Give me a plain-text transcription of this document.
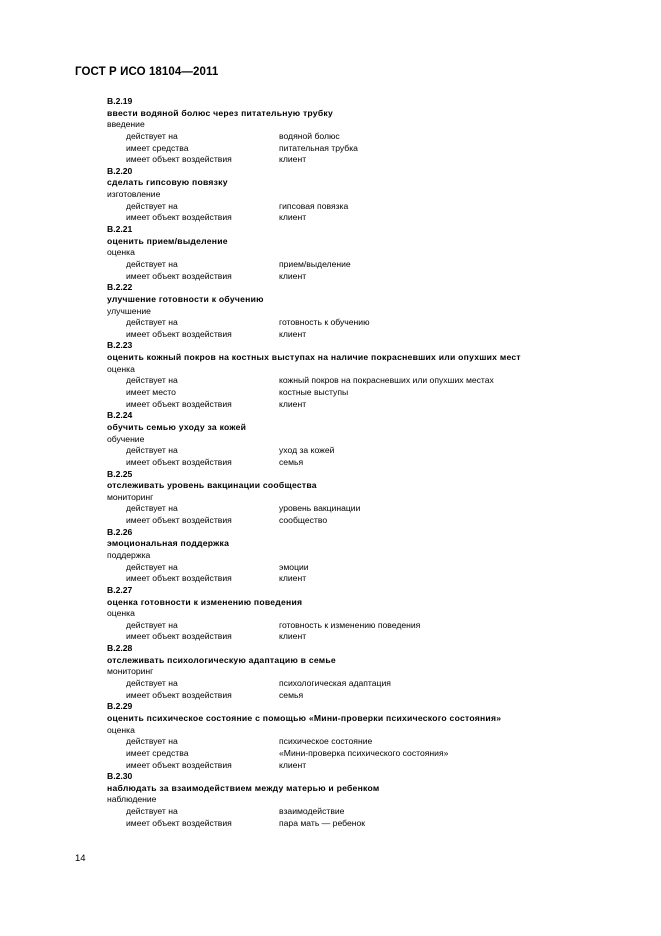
ГОСТ Р ИСО 18104—2011
B.2.19
ввести водяной болюс через питательную трубку
введение
действует на	водяной болюс
имеет средства	питательная трубка
имеет объект воздействия	клиент
B.2.20
сделать гипсовую повязку
изготовление
действует на	гипсовая повязка
имеет объект воздействия	клиент
B.2.21
оценить прием/выделение
оценка
действует на	прием/выделение
имеет объект воздействия	клиент
B.2.22
улучшение готовности к обучению
улучшение
действует на	готовность к обучению
имеет объект воздействия	клиент
B.2.23
оценить кожный покров на костных выступах на наличие покрасневших или опухших мест
оценка
действует на	кожный покров на покрасневших или опухших местах
имеет место	костные выступы
имеет объект воздействия	клиент
B.2.24
обучить семью уходу за кожей
обучение
действует на	уход за кожей
имеет объект воздействия	семья
B.2.25
отслеживать уровень вакцинации сообщества
мониторинг
действует на	уровень вакцинации
имеет объект воздействия	сообщество
B.2.26
эмоциональная поддержка
поддержка
действует на	эмоции
имеет объект воздействия	клиент
B.2.27
оценка готовности к изменению поведения
оценка
действует на	готовность к изменению поведения
имеет объект воздействия	клиент
B.2.28
отслеживать психологическую адаптацию в семье
мониторинг
действует на	психологическая адаптация
имеет объект воздействия	семья
B.2.29
оценить психическое состояние с помощью «Мини-проверки психического состояния»
оценка
действует на	психическое состояние
имеет средства	«Мини-проверка психического состояния»
имеет объект воздействия	клиент
B.2.30
наблюдать за взаимодействием между матерью и ребенком
наблюдение
действует на	взаимодействие
имеет объект воздействия	пара мать — ребенок
14
